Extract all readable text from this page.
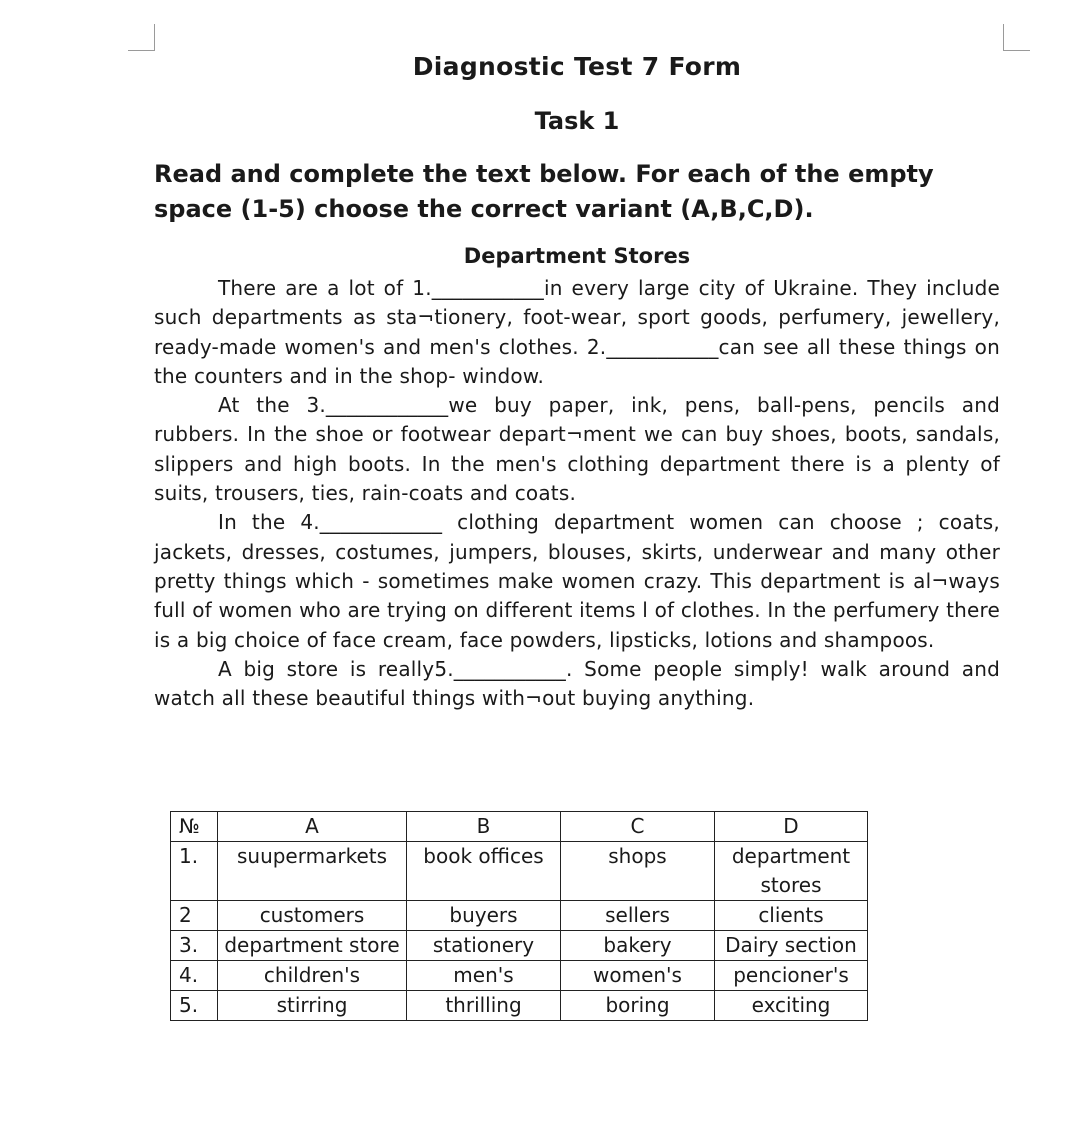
Diagnostic Test 7 Form
Task 1
Read and complete the text below. For each of the empty space (1-5) choose the correct variant (A,B,C,D).
Department Stores

There are a lot of 1.___________in every large city of Ukraine. They include such departments as sta¬tionery, foot-wear, sport goods, perfumery, jewellery, ready-made women's and men's clothes. 2.___________can see all these things on the counters and in the shop- window.

At the 3.____________we buy paper, ink, pens, ball-pens, pencils and rubbers. In the shoe or footwear depart¬ment we can buy shoes, boots, sandals, slippers and high boots. In the men's clothing department there is a plenty of suits, trousers, ties, rain-coats and coats.

In the 4.____________ clothing department women can choose ; coats, jackets, dresses, costumes, jumpers, blouses, skirts, underwear and many other pretty things which - sometimes make women crazy. This department is al¬ways full of women who are trying on different items l of clothes. In the perfumery there is a big choice of face cream, face powders, lipsticks, lotions and shampoos.

A big store is really5.___________. Some people simply! walk around and watch all these beautiful things with¬out buying anything.

№	A	B	C	D
1.	suupermarkets	book offices	shops	department stores
2	customers	buyers	sellers	clients
3.	department store	stationery	bakery	Dairy section
4.	children's	men's	women's	pencioner's
5.	stirring	thrilling	boring	exciting
